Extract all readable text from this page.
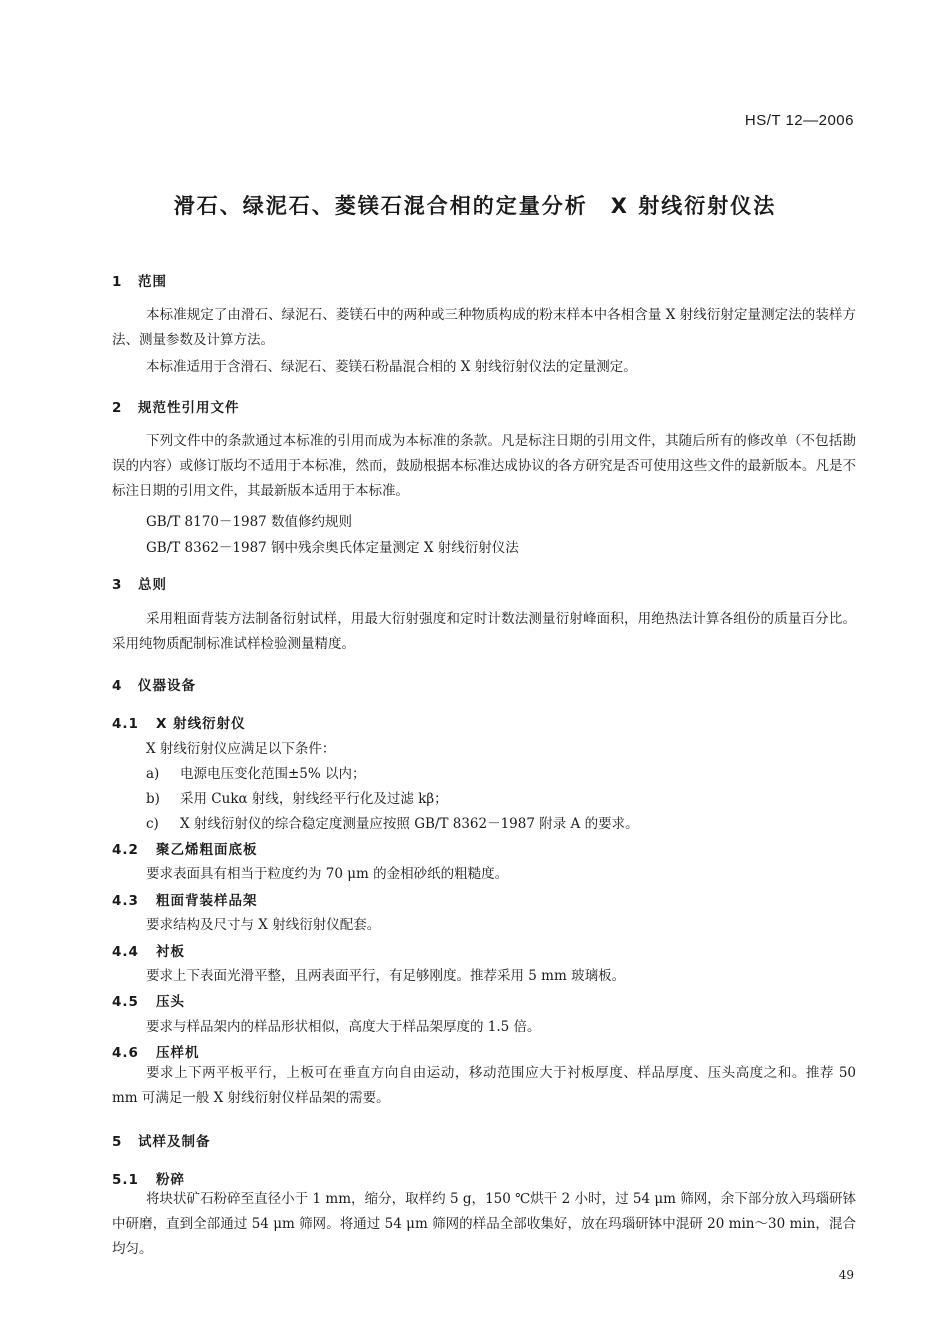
HS/T 12—2006
滑石、绿泥石、菱镁石混合相的定量分析　X 射线衍射仪法
1 范围
本标准规定了由滑石、绿泥石、菱镁石中的两种或三种物质构成的粉末样本中各相含量 X 射线衍射定量测定法的装样方法、测量参数及计算方法。
本标准适用于含滑石、绿泥石、菱镁石粉晶混合相的 X 射线衍射仪法的定量测定。
2 规范性引用文件
下列文件中的条款通过本标准的引用而成为本标准的条款。凡是标注日期的引用文件，其随后所有的修改单（不包括勘误的内容）或修订版均不适用于本标准，然而，鼓励根据本标准达成协议的各方研究是否可使用这些文件的最新版本。凡是不标注日期的引用文件，其最新版本适用于本标准。
GB/T 8170－1987 数值修约规则
GB/T 8362－1987 钢中残余奥氏体定量测定 X 射线衍射仪法
3 总则
采用粗面背装方法制备衍射试样，用最大衍射强度和定时计数法测量衍射峰面积，用绝热法计算各组份的质量百分比。采用纯物质配制标准试样检验测量精度。
4 仪器设备
4.1 X 射线衍射仪
X 射线衍射仪应满足以下条件：
a) 电源电压变化范围±5% 以内；
b) 采用 Cukα 射线，射线经平行化及过滤 kβ；
c) X 射线衍射仪的综合稳定度测量应按照 GB/T 8362－1987 附录 A 的要求。
4.2 聚乙烯粗面底板
要求表面具有相当于粒度约为 70 μm 的金相砂纸的粗糙度。
4.3 粗面背装样品架
要求结构及尺寸与 X 射线衍射仪配套。
4.4 衬板
要求上下表面光滑平整，且两表面平行，有足够刚度。推荐采用 5 mm 玻璃板。
4.5 压头
要求与样品架内的样品形状相似，高度大于样品架厚度的 1.5 倍。
4.6 压样机
要求上下两平板平行，上板可在垂直方向自由运动，移动范围应大于衬板厚度、样品厚度、压头高度之和。推荐 50 mm 可满足一般 X 射线衍射仪样品架的需要。
5 试样及制备
5.1 粉碎
将块状矿石粉碎至直径小于 1 mm，缩分，取样约 5 g，150 ℃烘干 2 小时，过 54 μm 筛网，余下部分放入玛瑙研钵中研磨，直到全部通过 54 μm 筛网。将通过 54 μm 筛网的样品全部收集好，放在玛瑙研钵中混研 20 min～30 min，混合均匀。
49
